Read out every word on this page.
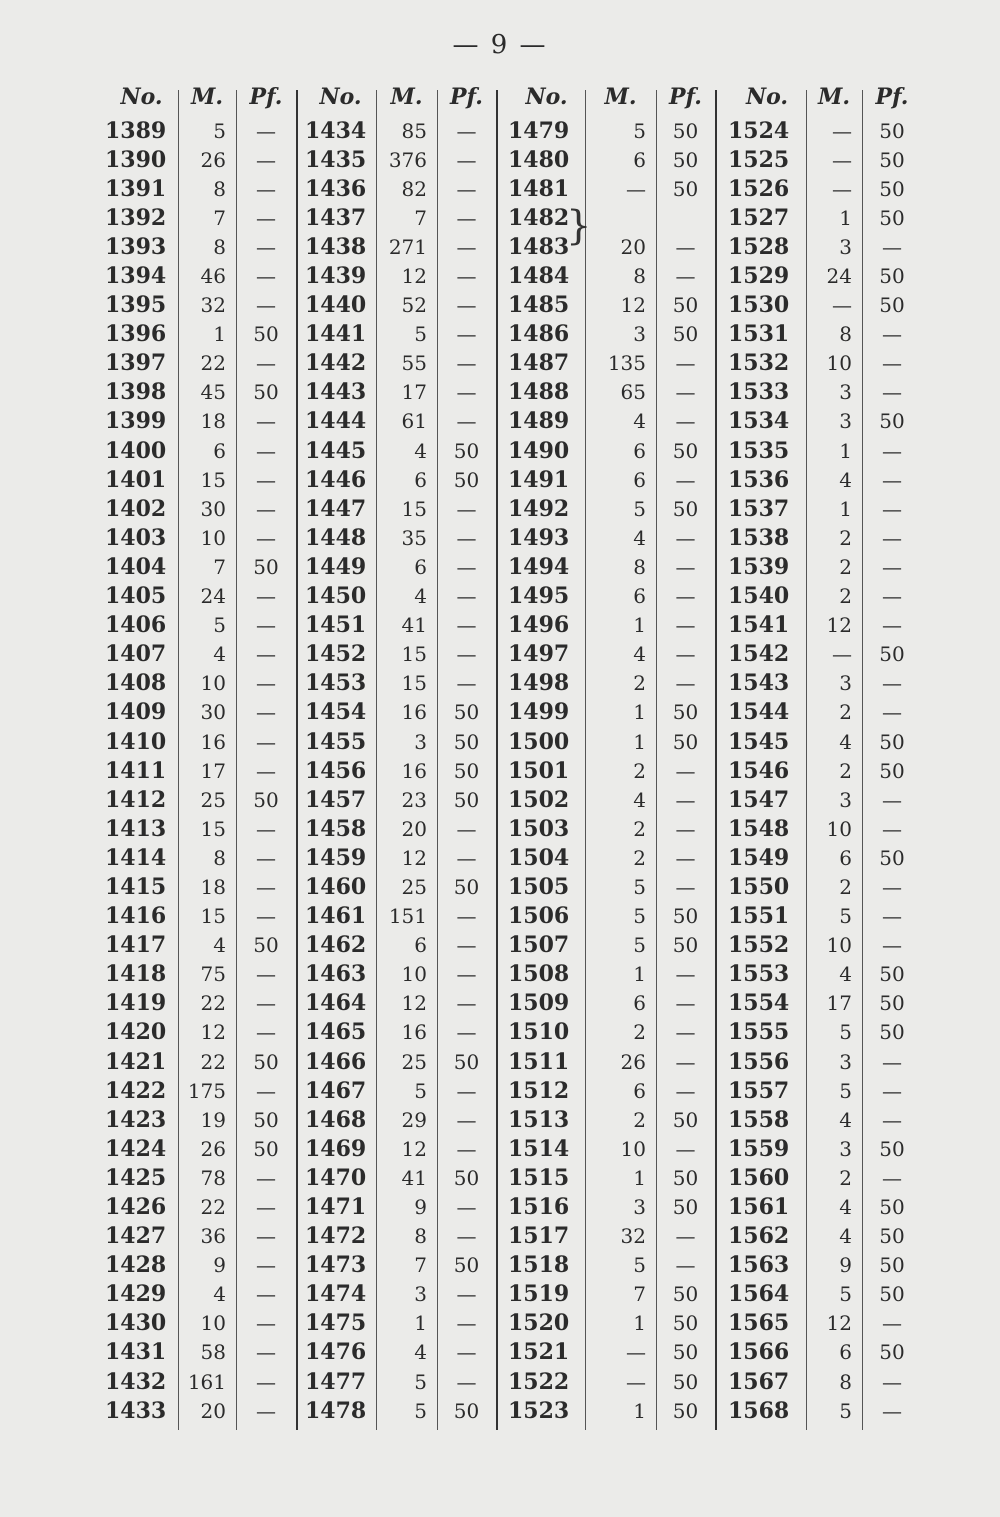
— 9 —
No.	M.	Pf.
1389	5	—
1390	26	—
1391	8	—
1392	7	—
1393	8	—
1394	46	—
1395	32	—
1396	1	50
1397	22	—
1398	45	50
1399	18	—
1400	6	—
1401	15	—
1402	30	—
1403	10	—
1404	7	50
1405	24	—
1406	5	—
1407	4	—
1408	10	—
1409	30	—
1410	16	—
1411	17	—
1412	25	50
1413	15	—
1414	8	—
1415	18	—
1416	15	—
1417	4	50
1418	75	—
1419	22	—
1420	12	—
1421	22	50
1422	175	—
1423	19	50
1424	26	50
1425	78	—
1426	22	—
1427	36	—
1428	9	—
1429	4	—
1430	10	—
1431	58	—
1432	161	—
1433	20	—
No.	M.	Pf.
1434	85	—
1435	376	—
1436	82	—
1437	7	—
1438	271	—
1439	12	—
1440	52	—
1441	5	—
1442	55	—
1443	17	—
1444	61	—
1445	4	50
1446	6	50
1447	15	—
1448	35	—
1449	6	—
1450	4	—
1451	41	—
1452	15	—
1453	15	—
1454	16	50
1455	3	50
1456	16	50
1457	23	50
1458	20	—
1459	12	—
1460	25	50
1461	151	—
1462	6	—
1463	10	—
1464	12	—
1465	16	—
1466	25	50
1467	5	—
1468	29	—
1469	12	—
1470	41	50
1471	9	—
1472	8	—
1473	7	50
1474	3	—
1475	1	—
1476	4	—
1477	5	—
1478	5	50
No.	M.	Pf.
1479	5	50
1480	6	50
1481	—	50
1482
1483	20	—
1484	8	—
1485	12	50
1486	3	50
1487	135	—
1488	65	—
1489	4	—
1490	6	50
1491	6	—
1492	5	50
1493	4	—
1494	8	—
1495	6	—
1496	1	—
1497	4	—
1498	2	—
1499	1	50
1500	1	50
1501	2	—
1502	4	—
1503	2	—
1504	2	—
1505	5	—
1506	5	50
1507	5	50
1508	1	—
1509	6	—
1510	2	—
1511	26	—
1512	6	—
1513	2	50
1514	10	—
1515	1	50
1516	3	50
1517	32	—
1518	5	—
1519	7	50
1520	1	50
1521	—	50
1522	—	50
1523	1	50
No.	M.	Pf.
1524	—	50
1525	—	50
1526	—	50
1527	1	50
1528	3	—
1529	24	50
1530	—	50
1531	8	—
1532	10	—
1533	3	—
1534	3	50
1535	1	—
1536	4	—
1537	1	—
1538	2	—
1539	2	—
1540	2	—
1541	12	—
1542	—	50
1543	3	—
1544	2	—
1545	4	50
1546	2	50
1547	3	—
1548	10	—
1549	6	50
1550	2	—
1551	5	—
1552	10	—
1553	4	50
1554	17	50
1555	5	50
1556	3	—
1557	5	—
1558	4	—
1559	3	50
1560	2	—
1561	4	50
1562	4	50
1563	9	50
1564	5	50
1565	12	—
1566	6	50
1567	8	—
1568	5	—
}
